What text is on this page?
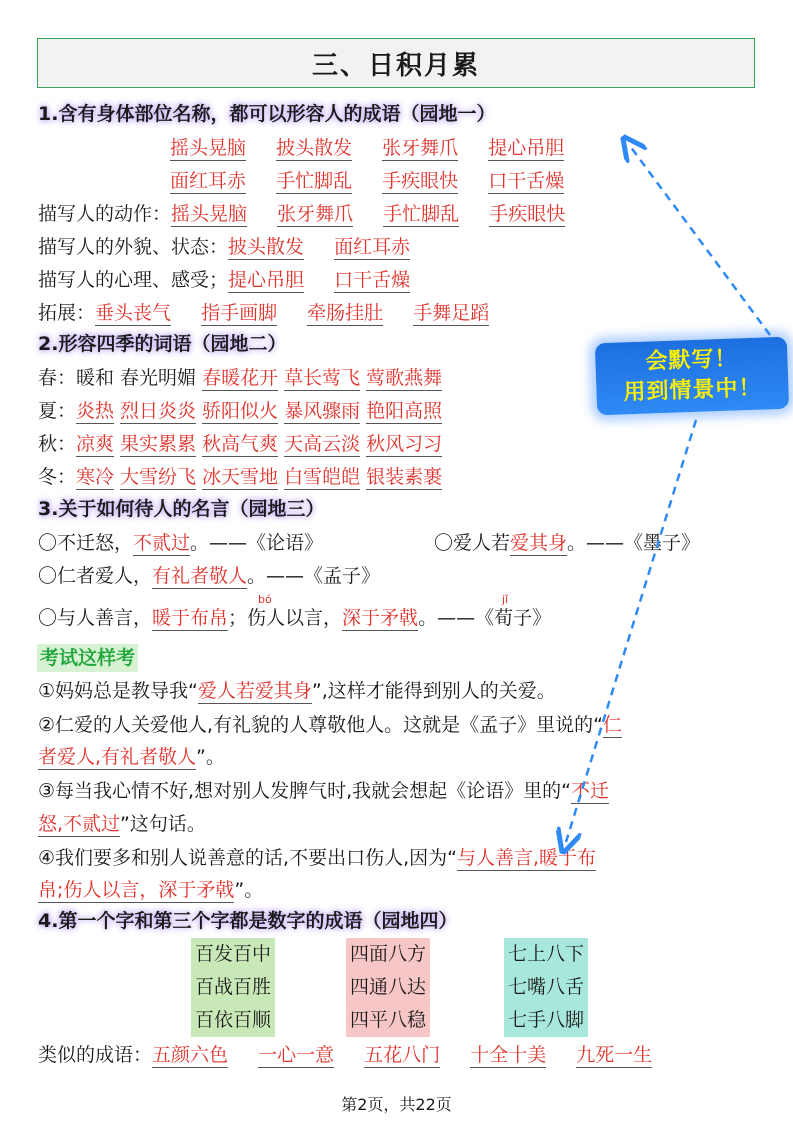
三、日积月累
1.含有身体部位名称，都可以形容人的成语（园地一）
摇头晃脑 披头散发 张牙舞爪 提心吊胆
面红耳赤 手忙脚乱 手疾眼快 口干舌燥
描写人的动作：摇头晃脑 张牙舞爪 手忙脚乱 手疾眼快
描写人的外貌、状态：披头散发 面红耳赤
描写人的心理、感受；提心吊胆 口干舌燥
拓展：垂头丧气 指手画脚 牵肠挂肚 手舞足蹈
2.形容四季的词语（园地二）
春：暖和 春光明媚 春暖花开 草长莺飞 莺歌燕舞
夏：炎热 烈日炎炎 骄阳似火 暴风骤雨 艳阳高照
秋：凉爽 果实累累 秋高气爽 天高云淡 秋风习习
冬：寒冷 大雪纷飞 冰天雪地 白雪皑皑 银装素裹
会默写！
用到情景中！
3.关于如何待人的名言（园地三）
〇不迁怒，不贰过。——《论语》	〇爱人若爱其身。——《墨子》
〇仁者爱人，有礼者敬人。——《孟子》
bó	jǐ
〇与人善言，暖于布帛；伤人以言，深于矛戟。——《荀子》
考试这样考
①妈妈总是教导我“爱人若爱其身”,这样才能得到别人的关爱。
②仁爱的人关爱他人,有礼貌的人尊敬他人。这就是《孟子》里说的“仁
者爱人,有礼者敬人”。
③每当我心情不好,想对别人发脾气时,我就会想起《论语》里的“不迁
怒,不贰过”这句话。
④我们要多和别人说善意的话,不要出口伤人,因为“与人善言,暖于布
帛;伤人以言，深于矛戟”。
4.第一个字和第三个字都是数字的成语（园地四）
百发百中
百战百胜
百依百顺
四面八方
四通八达
四平八稳
七上八下
七嘴八舌
七手八脚
类似的成语：五颜六色 一心一意 五花八门 十全十美 九死一生
第2页，共22页
